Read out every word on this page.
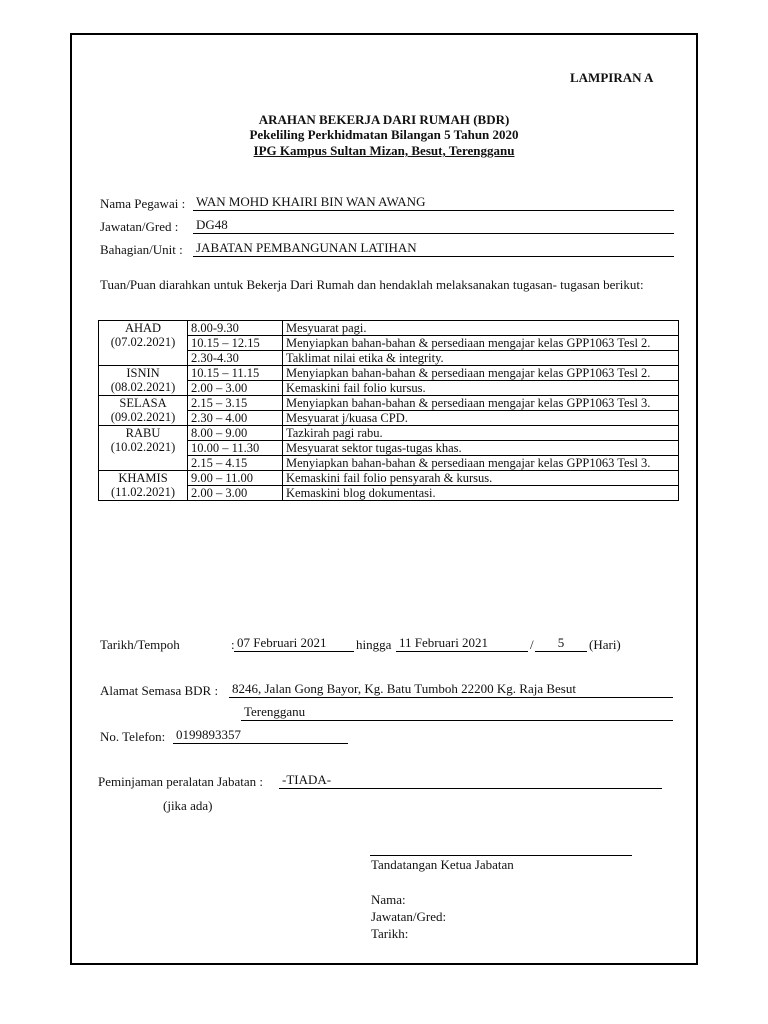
LAMPIRAN A
ARAHAN BEKERJA DARI RUMAH (BDR)
Pekeliling Perkhidmatan Bilangan 5 Tahun 2020
IPG Kampus Sultan Mizan, Besut, Terengganu
Nama Pegawai : WAN MOHD KHAIRI BIN WAN AWANG
Jawatan/Gred : DG48
Bahagian/Unit : JABATAN PEMBANGUNAN LATIHAN
Tuan/Puan diarahkan untuk Bekerja Dari Rumah dan hendaklah melaksanakan tugasan- tugasan berikut:
AHAD
(07.02.2021)	8.00-9.30	Mesyuarat pagi.
	10.15 – 12.15	Menyiapkan bahan-bahan & persediaan mengajar kelas GPP1063 Tesl 2.
	2.30-4.30	Taklimat nilai etika & integrity.

ISNIN
(08.02.2021)	10.15 – 11.15	Menyiapkan bahan-bahan & persediaan mengajar kelas GPP1063 Tesl 2.
	2.00 – 3.00	Kemaskini fail folio kursus.

SELASA
(09.02.2021)	2.15 – 3.15	Menyiapkan bahan-bahan & persediaan mengajar kelas GPP1063 Tesl 3.
	2.30 – 4.00	Mesyuarat j/kuasa CPD.

RABU
(10.02.2021)	8.00 – 9.00	Tazkirah pagi rabu.
	10.00 – 11.30	Mesyuarat sektor tugas-tugas khas.
	2.15 – 4.15	Menyiapkan bahan-bahan & persediaan mengajar kelas GPP1063 Tesl 3.

KHAMIS
(11.02.2021)	9.00 – 11.00	Kemaskini fail folio pensyarah & kursus.
	2.00 – 3.00	Kemaskini blog dokumentasi.
Tarikh/Tempoh	: 07 Februari 2021	hingga 11 Februari 2021	/	5	(Hari)
Alamat Semasa BDR : 8246, Jalan Gong Bayor, Kg. Batu Tumboh 22200 Kg. Raja Besut
Terengganu
No. Telefon: 0199893357
Peminjaman peralatan Jabatan : -TIADA-
(jika ada)
Tandatangan Ketua Jabatan
Nama:
Jawatan/Gred:
Tarikh:
